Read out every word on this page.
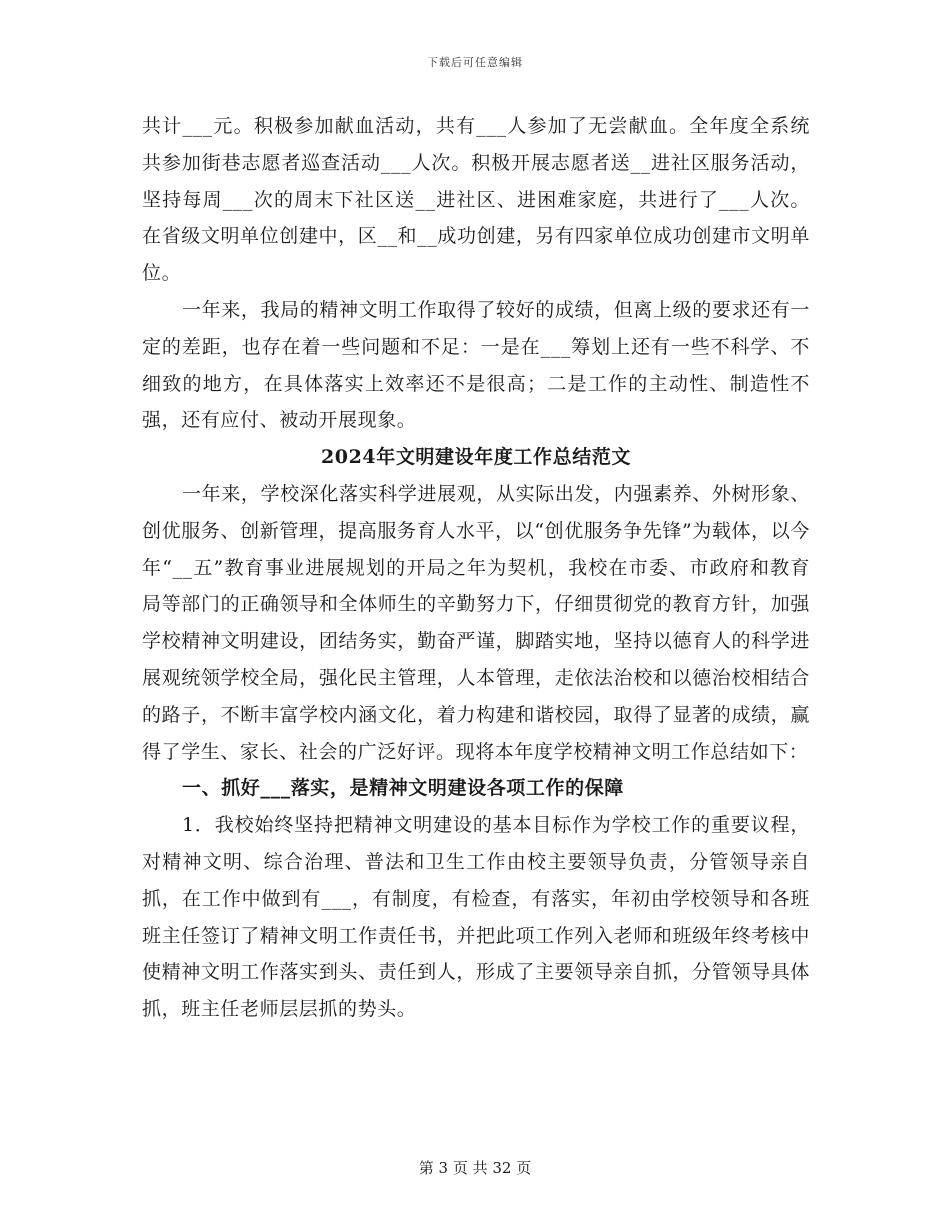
下载后可任意编辑

共计___元。积极参加献血活动，共有___人参加了无尝献血。全年度全系统共参加街巷志愿者巡查活动___人次。积极开展志愿者送__进社区服务活动，坚持每周___次的周末下社区送__进社区、进困难家庭，共进行了___人次。在省级文明单位创建中，区__和__成功创建，另有四家单位成功创建市文明单位。

一年来，我局的精神文明工作取得了较好的成绩，但离上级的要求还有一定的差距，也存在着一些问题和不足：一是在___筹划上还有一些不科学、不细致的地方，在具体落实上效率还不是很高；二是工作的主动性、制造性不强，还有应付、被动开展现象。

2024年文明建设年度工作总结范文

一年来，学校深化落实科学进展观，从实际出发，内强素养、外树形象、创优服务、创新管理，提高服务育人水平，以“创优服务争先锋”为载体，以今年“__五”教育事业进展规划的开局之年为契机，我校在市委、市政府和教育局等部门的正确领导和全体师生的辛勤努力下，仔细贯彻党的教育方针，加强学校精神文明建设，团结务实，勤奋严谨，脚踏实地，坚持以德育人的科学进展观统领学校全局，强化民主管理，人本管理，走依法治校和以德治校相结合的路子，不断丰富学校内涵文化，着力构建和谐校园，取得了显著的成绩，赢得了学生、家长、社会的广泛好评。现将本年度学校精神文明工作总结如下：

一、抓好___落实，是精神文明建设各项工作的保障

1．我校始终坚持把精神文明建设的基本目标作为学校工作的重要议程，对精神文明、综合治理、普法和卫生工作由校主要领导负责，分管领导亲自抓，在工作中做到有___，有制度，有检查，有落实，年初由学校领导和各班班主任签订了精神文明工作责任书，并把此项工作列入老师和班级年终考核中使精神文明工作落实到头、责任到人，形成了主要领导亲自抓，分管领导具体抓，班主任老师层层抓的势头。

第 3 页 共 32 页
